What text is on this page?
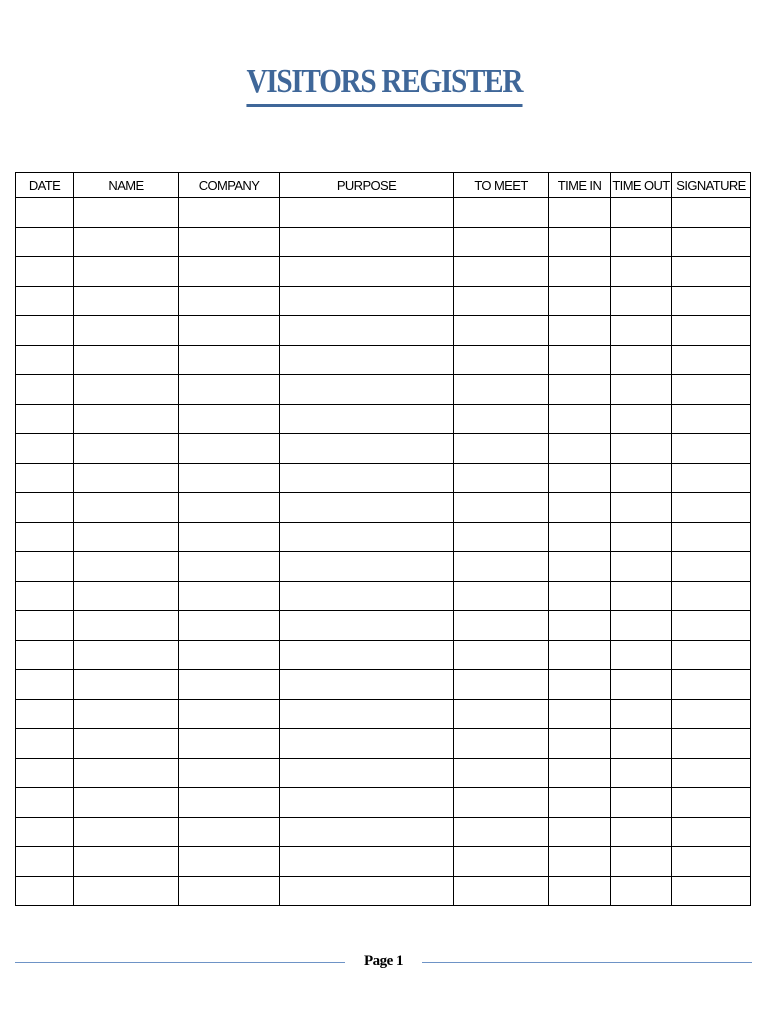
VISITORS REGISTER
DATE	NAME	COMPANY	PURPOSE	TO MEET	TIME IN	TIME OUT	SIGNATURE

Page 1
